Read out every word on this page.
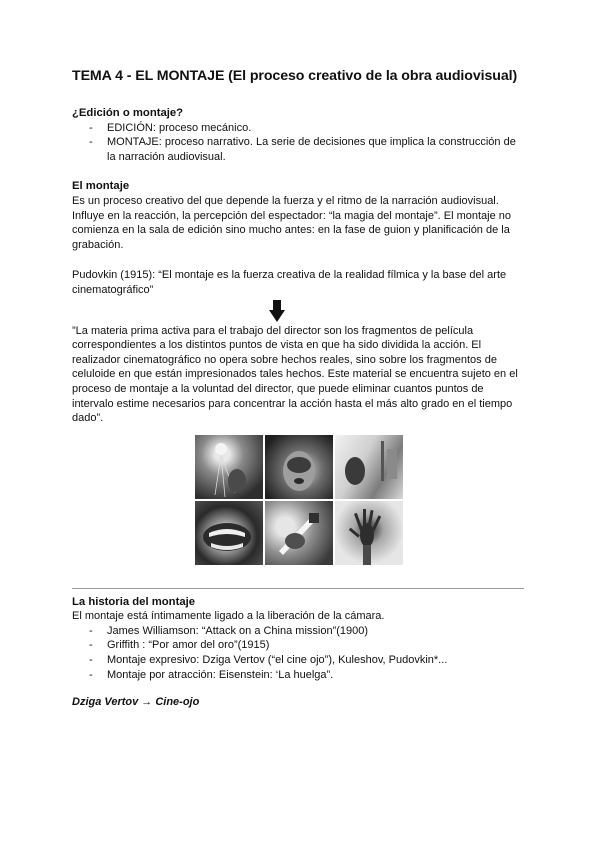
TEMA 4 - EL MONTAJE (El proceso creativo de la obra audiovisual)
¿Edición o montaje?
- EDICIÓN: proceso mecánico.
- MONTAJE: proceso narrativo. La serie de decisiones que implica la construcción de la narración audiovisual.
El montaje

Es un proceso creativo del que depende la fuerza y el ritmo de la narración audiovisual. Influye en la reacción, la percepción del espectador: “la magia del montaje”. El montaje no comienza en la sala de edición sino mucho antes: en la fase de guion y planificación de la grabación.

Pudovkin (1915): “El montaje es la fuerza creativa de la realidad fílmica y la base del arte cinematográfico”

”La materia prima activa para el trabajo del director son los fragmentos de película correspondientes a los distintos puntos de vista en que ha sido dividida la acción. El realizador cinematográfico no opera sobre hechos reales, sino sobre los fragmentos de celuloide en que están impresionados tales hechos. Este material se encuentra sujeto en el proceso de montaje a la voluntad del director, que puede eliminar cuantos puntos de intervalo estime necesarios para concentrar la acción hasta el más alto grado en el tiempo dado”.

La historia del montaje

El montaje está íntimamente ligado a la liberación de la cámara.

- James Williamson: “Attack on a China mission”(1900)
- Griffith : “Por amor del oro”(1915)
- Montaje expresivo: Dziga Vertov (“el cine ojo”), Kuleshov, Pudovkin*...
- Montaje por atracción: Eisenstein: ‘La huelga”.
Dziga Vertov → Cine-ojo
